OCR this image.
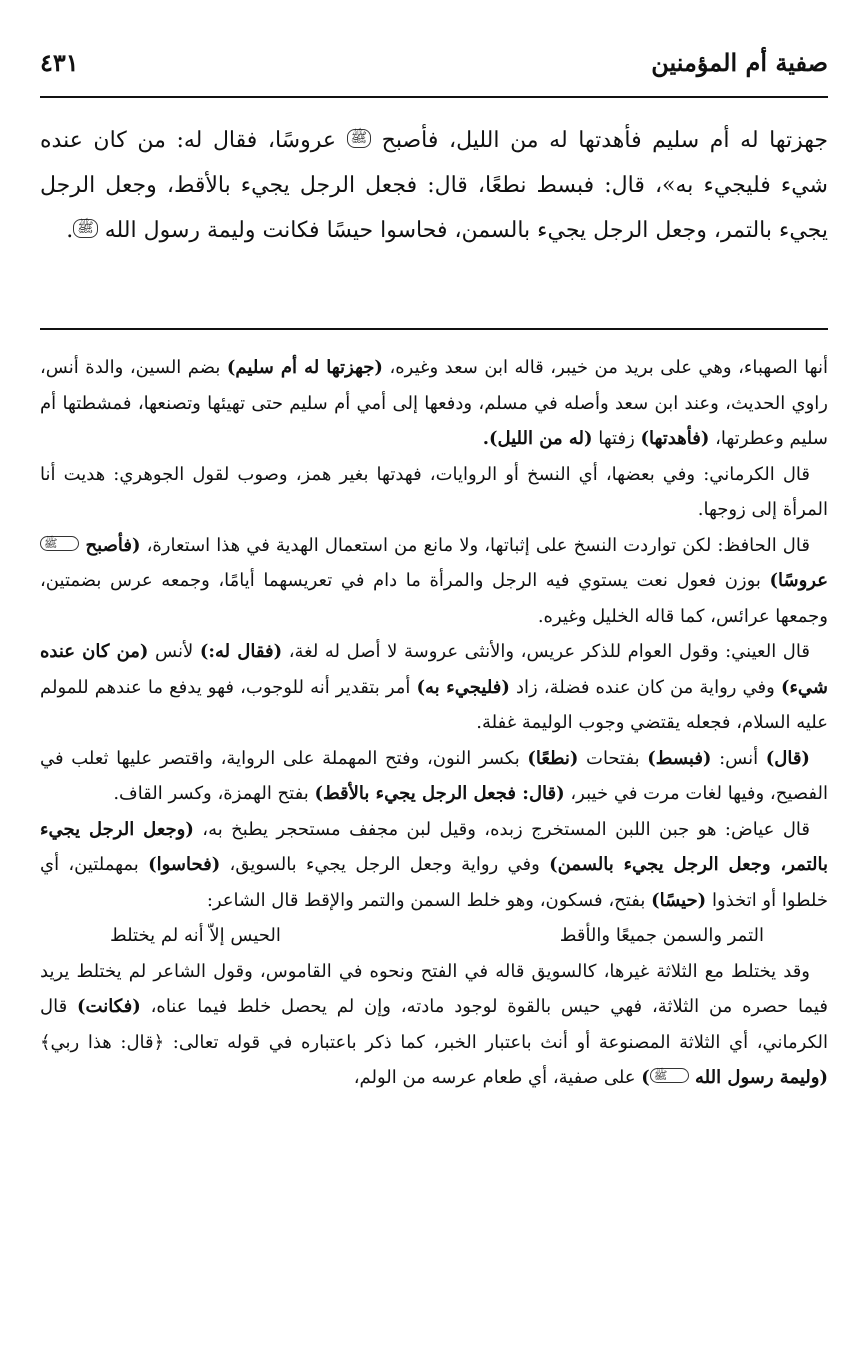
صفية أم المؤمنين
٤٣١

جهزتها له أم سليم فأهدتها له من الليل، فأصبح ﷺ عروسًا، فقال له: من كان عنده شيء فليجيء به»، قال: فبسط نطعًا، قال: فجعل الرجل يجيء بالأقط، وجعل الرجل يجيء بالتمر، وجعل الرجل يجيء بالسمن، فحاسوا حيسًا فكانت وليمة رسول الله ﷺ.

أنها الصهباء، وهي على بريد من خيبر، قاله ابن سعد وغيره، (جهزتها له أم سليم) بضم السين، والدة أنس، راوي الحديث، وعند ابن سعد وأصله في مسلم، ودفعها إلى أمي أم سليم حتى تهيئها وتصنعها، فمشطتها أم سليم وعطرتها، (فأهدتها) زفتها (له من الليل).

قال الكرماني: وفي بعضها، أي النسخ أو الروايات، فهدتها بغير همز، وصوب لقول الجوهري: هديت أنا المرأة إلى زوجها.

قال الحافظ: لكن تواردت النسخ على إثباتها، ولا مانع من استعمال الهدية في هذا استعارة، (فأصبح ﷺ عروسًا) بوزن فعول نعت يستوي فيه الرجل والمرأة ما دام في تعريسهما أيامًا، وجمعه عرس بضمتين، وجمعها عرائس، كما قاله الخليل وغيره.

قال العيني: وقول العوام للذكر عريس، والأنثى عروسة لا أصل له لغة، (فقال له:) لأنس (من كان عنده شيء) وفي رواية من كان عنده فضلة، زاد (فليجيء به) أمر بتقدير أنه للوجوب، فهو يدفع ما عندهم للمولم عليه السلام، فجعله يقتضي وجوب الوليمة غفلة.

(قال) أنس: (فبسط) بفتحات (نطعًا) بكسر النون، وفتح المهملة على الرواية، واقتصر عليها ثعلب في الفصيح، وفيها لغات مرت في خيبر، (قال: فجعل الرجل يجيء بالأقط) بفتح الهمزة، وكسر القاف.

قال عياض: هو جبن اللبن المستخرج زبده، وقيل لبن مجفف مستحجر يطبخ به، (وجعل الرجل يجيء بالتمر، وجعل الرجل يجيء بالسمن) وفي رواية وجعل الرجل يجيء بالسويق، (فحاسوا) بمهملتين، أي خلطوا أو اتخذوا (حيسًا) بفتح، فسكون، وهو خلط السمن والتمر والإقط قال الشاعر:

التمر والسمن جميعًا والأقط
الحيس إلاّ أنه لم يختلط

وقد يختلط مع الثلاثة غيرها، كالسويق قاله في الفتح ونحوه في القاموس، وقول الشاعر لم يختلط يريد فيما حصره من الثلاثة، فهي حيس بالقوة لوجود مادته، وإن لم يحصل خلط فيما عناه، (فكانت) قال الكرماني، أي الثلاثة المصنوعة أو أنث باعتبار الخبر، كما ذكر باعتباره في قوله تعالى: ﴿قال: هذا ربي﴾ (وليمة رسول الله ﷺ) على صفية، أي طعام عرسه من الولم،
